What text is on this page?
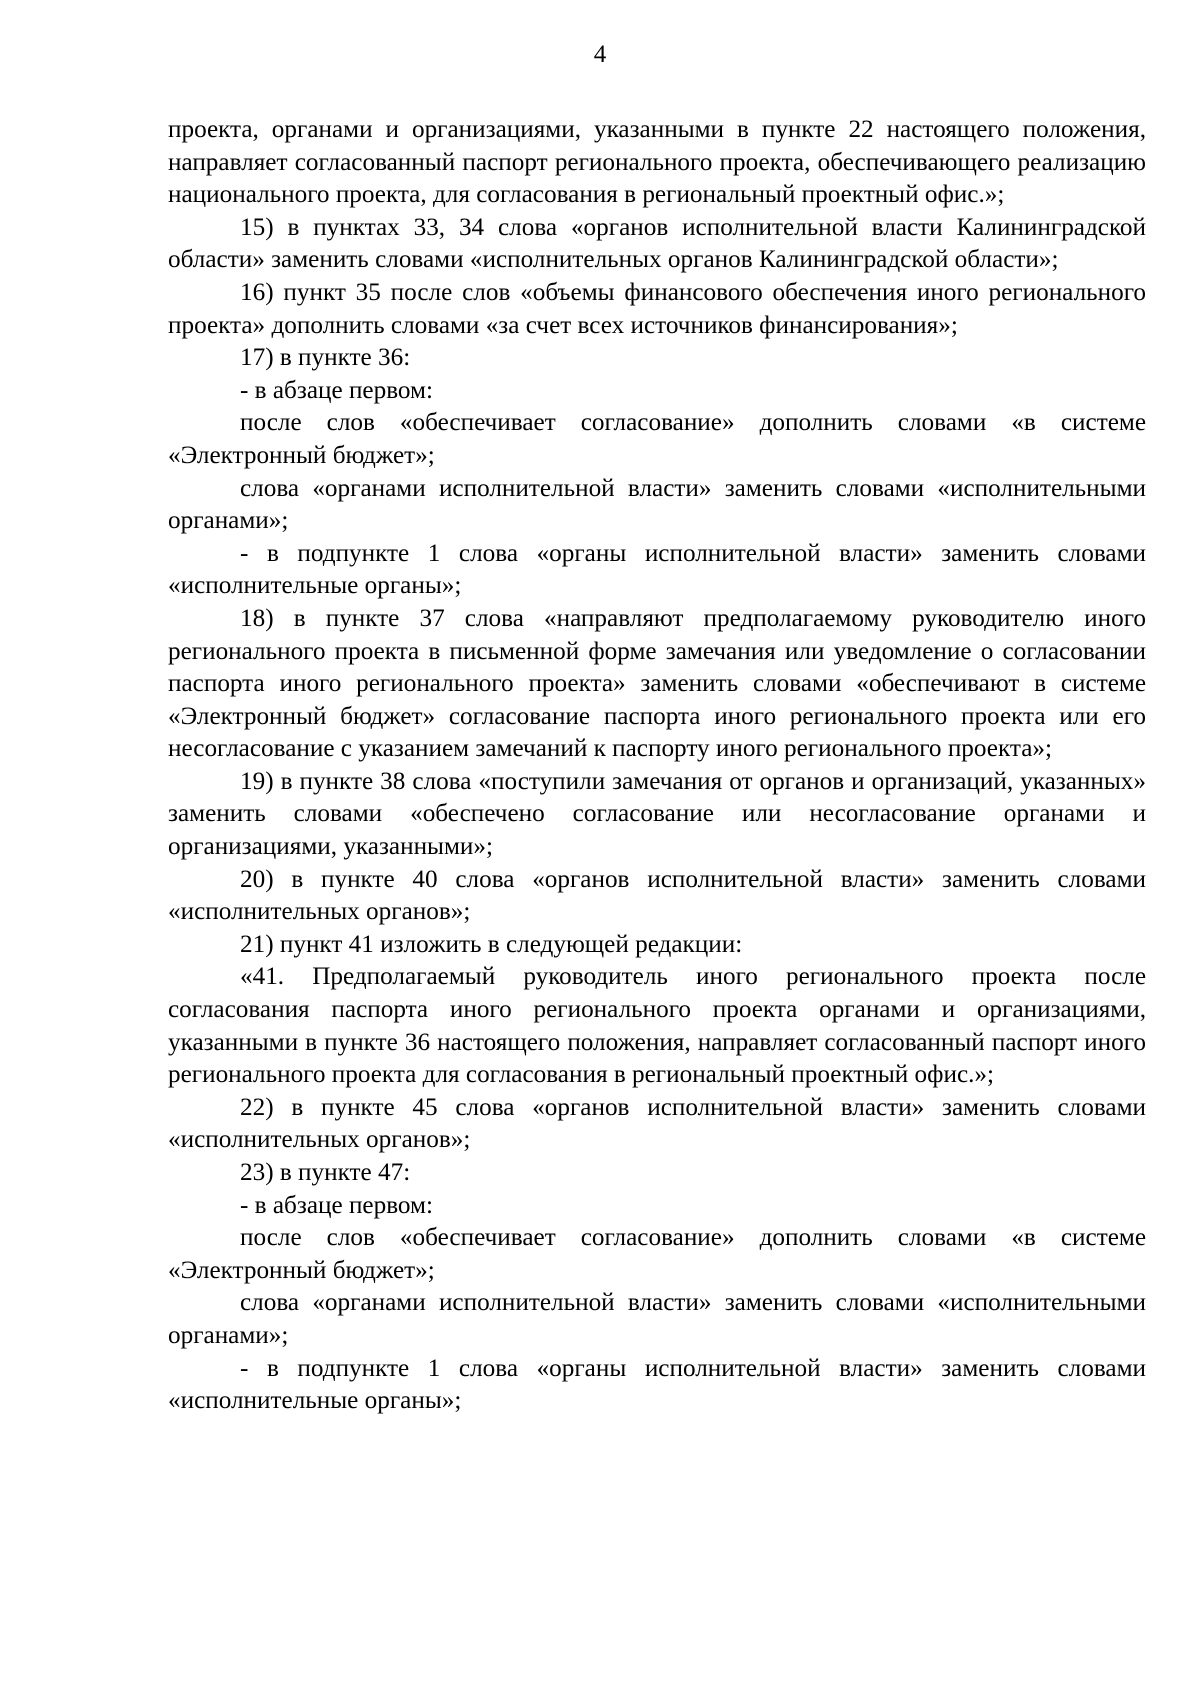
4

проекта, органами и организациями, указанными в пункте 22 настоящего положения, направляет согласованный паспорт регионального проекта, обеспечивающего реализацию национального проекта, для согласования в региональный проектный офис.»;

15) в пунктах 33, 34 слова «органов исполнительной власти Калининградской области» заменить словами «исполнительных органов Калининградской области»;

16) пункт 35 после слов «объемы финансового обеспечения иного регионального проекта» дополнить словами «за счет всех источников финансирования»;

17) в пункте 36:

- в абзаце первом:

после слов «обеспечивает согласование» дополнить словами «в системе «Электронный бюджет»;

слова «органами исполнительной власти» заменить словами «исполнительными органами»;

- в подпункте 1 слова «органы исполнительной власти» заменить словами «исполнительные органы»;

18) в пункте 37 слова «направляют предполагаемому руководителю иного регионального проекта в письменной форме замечания или уведомление о согласовании паспорта иного регионального проекта» заменить словами «обеспечивают в системе «Электронный бюджет» согласование паспорта иного регионального проекта или его несогласование с указанием замечаний к паспорту иного регионального проекта»;

19) в пункте 38 слова «поступили замечания от органов и организаций, указанных» заменить словами «обеспечено согласование или несогласование органами и организациями, указанными»;

20) в пункте 40 слова «органов исполнительной власти» заменить словами «исполнительных органов»;

21) пункт 41 изложить в следующей редакции:

«41. Предполагаемый руководитель иного регионального проекта после согласования паспорта иного регионального проекта органами и организациями, указанными в пункте 36 настоящего положения, направляет согласованный паспорт иного регионального проекта для согласования в региональный проектный офис.»;

22) в пункте 45 слова «органов исполнительной власти» заменить словами «исполнительных органов»;

23) в пункте 47:

- в абзаце первом:

после слов «обеспечивает согласование» дополнить словами «в системе «Электронный бюджет»;

слова «органами исполнительной власти» заменить словами «исполнительными органами»;

- в подпункте 1 слова «органы исполнительной власти» заменить словами «исполнительные органы»;
